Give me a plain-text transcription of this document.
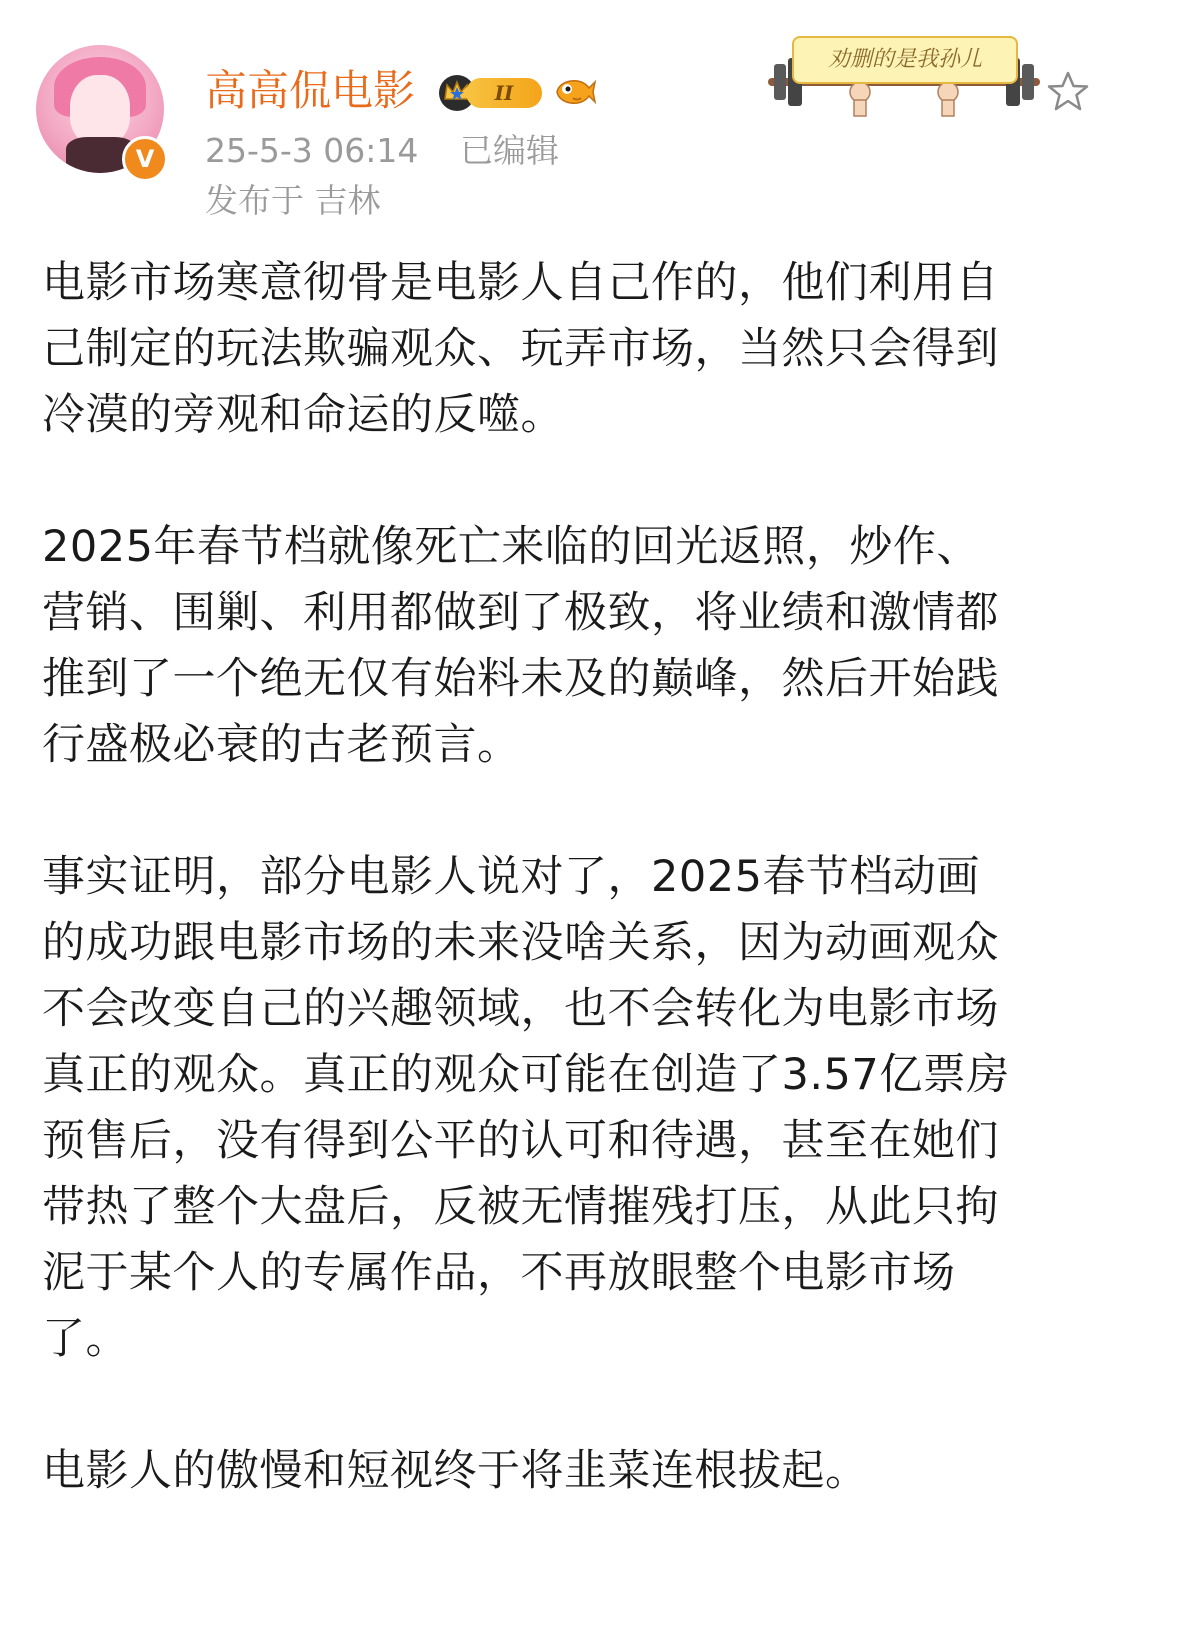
V
高高侃电影	II
25-5-3 06:14 已编辑
发布于 吉林
劝删的是我孙儿

电影市场寒意彻骨是电影人自己作的，他们利用自
己制定的玩法欺骗观众、玩弄市场，当然只会得到
冷漠的旁观和命运的反噬。

2025年春节档就像死亡来临的回光返照，炒作、
营销、围剿、利用都做到了极致，将业绩和激情都
推到了一个绝无仅有始料未及的巅峰，然后开始践
行盛极必衰的古老预言。

事实证明，部分电影人说对了，2025春节档动画
的成功跟电影市场的未来没啥关系，因为动画观众
不会改变自己的兴趣领域，也不会转化为电影市场
真正的观众。真正的观众可能在创造了3.57亿票房
预售后，没有得到公平的认可和待遇，甚至在她们
带热了整个大盘后，反被无情摧残打压，从此只拘
泥于某个人的专属作品，不再放眼整个电影市场
了。

电影人的傲慢和短视终于将韭菜连根拔起。
